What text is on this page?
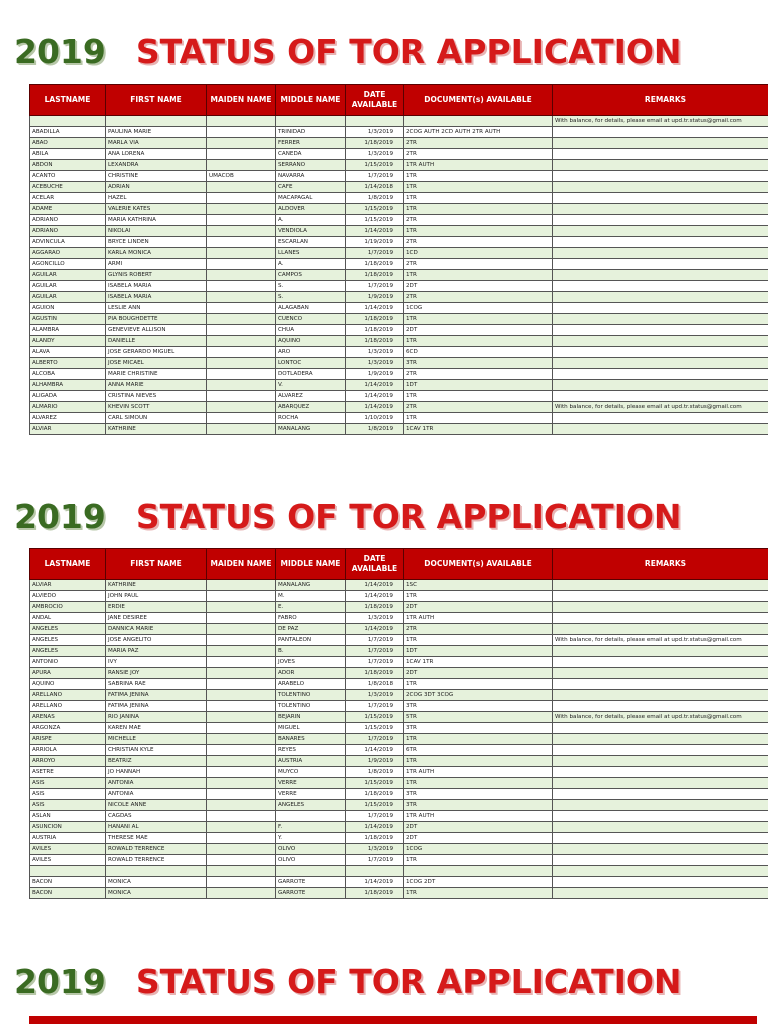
2019 STATUS OF TOR APPLICATION
LASTNAME	FIRST NAME	MAIDEN NAME	MIDDLE NAME	DATE AVAILABLE	DOCUMENT(s) AVAILABLE	REMARKS
						With balance, for details, please email at upd.tr.status@gmail.com
ABADILLA	PAULINA MARIE		TRINIDAD	1/3/2019	2COG AUTH 2CD AUTH 2TR AUTH	
ABAO	MARLA VIA		FERRER	1/18/2019	2TR	
ABILA	ANA LORENA		CANEDA	1/3/2019	2TR	
ABDON	LEXANDRA		SERRANO	1/15/2019	1TR AUTH	
ACANTO	CHRISTINE	UMACOB	NAVARRA	1/7/2019	1TR	
ACEBUCHE	ADRIAN		CAFE	1/14/2018	1TR	
ACELAR	HAZEL		MACAPAGAL	1/8/2019	1TR	
ADAME	VALERIE KATES		ALDOVER	1/15/2019	1TR	
ADRIANO	MARIA KATHRINA		A.	1/15/2019	2TR	
ADRIANO	NIKOLAI		VENDIOLA	1/14/2019	1TR	
ADVINCULA	BRYCE LINDEN		ESCARLAN	1/19/2019	2TR	
AGGARAO	KARLA MONICA		LLANES	1/7/2019	1CD	
AGONCILLO	ARMI		A.	1/18/2019	2TR	
AGUILAR	GLYNIS ROBERT		CAMPOS	1/18/2019	1TR	
AGUILAR	ISABELA MARIA		S.	1/7/2019	2DT	
AGUILAR	ISABELA MARIA		S.	1/9/2019	2TR	
AGUION	LESLIE ANN		ALAGABAN	1/14/2019	1COG	
AGUSTIN	PIA BOUGHDETTE		CUENCO	1/18/2019	1TR	
ALAMBRA	GENEVIEVE ALLISON		CHUA	1/18/2019	2DT	
ALANDY	DANIELLE		AQUINO	1/18/2019	1TR	
ALAVA	JOSE GERARDO MIGUEL		ARO	1/3/2019	6CD	
ALBERTO	JOSE MICAEL		LONTOC	1/3/2019	3TR	
ALCOBA	MARIE CHRISTINE		DOTLADERA	1/9/2019	2TR	
ALHAMBRA	ANNA MARIE		V.	1/14/2019	1DT	
ALIGADA	CRISTINA NIEVES		ALVAREZ	1/14/2019	1TR	
ALMARIO	KHEVIN SCOTT		ABARQUEZ	1/14/2019	2TR	With balance, for details, please email at upd.tr.status@gmail.com
ALVAREZ	CARL SIMOUN		ROCHA	1/10/2019	1TR	
ALVIAR	KATHRINE		MANALANG	1/8/2019	1CAV 1TR	
2019 STATUS OF TOR APPLICATION
LASTNAME	FIRST NAME	MAIDEN NAME	MIDDLE NAME	DATE AVAILABLE	DOCUMENT(s) AVAILABLE	REMARKS
ALVIAR	KATHRINE		MANALANG	1/14/2019	1SC	
ALVIEDO	JOHN PAUL		M.	1/14/2019	1TR	
AMBROCIO	ERDIE		E.	1/18/2019	2DT	
ANDAL	JANE DESIREE		FABRO	1/3/2019	1TR AUTH	
ANGELES	DANNICA MARIE		DE PAZ	1/14/2019	2TR	
ANGELES	JOSE ANGELITO		PANTALEON	1/7/2019	1TR	With balance, for details, please email at upd.tr.status@gmail.com
ANGELES	MARIA PAZ		B.	1/7/2019	1DT	
ANTONIO	IVY		JOVES	1/7/2019	1CAV 1TR	
APURA	RANSIE JOY		ADOR	1/18/2019	2DT	
AQUINO	SABRINA RAE		ARABELO	1/8/2018	1TR	
ARELLANO	FATIMA JENINA		TOLENTINO	1/3/2019	2COG 3DT 3COG	
ARELLANO	FATIMA JENINA		TOLENTINO	1/7/2019	3TR	
ARENAS	RIO JANINA		BEJARIN	1/15/2019	5TR	With balance, for details, please email at upd.tr.status@gmail.com
ARGONZA	KAREN MAE		MIGUEL	1/15/2019	3TR	
ARISPE	MICHELLE		BANARES	1/7/2019	1TR	
ARRIOLA	CHRISTIAN KYLE		REYES	1/14/2019	6TR	
ARROYO	BEATRIZ		AUSTRIA	1/9/2019	1TR	
ASETRE	JO HANNAH		MUYCO	1/8/2019	1TR AUTH	
ASIS	ANTONIA		VERRE	1/15/2019	1TR	
ASIS	ANTONIA		VERRE	1/18/2019	3TR	
ASIS	NICOLE ANNE		ANGELES	1/15/2019	3TR	
ASLAN	CAGDAS			1/7/2019	1TR AUTH	
ASUNCION	HANANI AL		F.	1/14/2019	2DT	
AUSTRIA	THERESE MAE		Y.	1/18/2019	2DT	
AVILES	ROWALD TERRENCE		OLIVO	1/3/2019	1COG	
AVILES	ROWALD TERRENCE		OLIVO	1/7/2019	1TR	

BACON	MONICA		GARROTE	1/14/2019	1COG 2DT	
BACON	MONICA		GARROTE	1/18/2019	1TR	
2019 STATUS OF TOR APPLICATION
